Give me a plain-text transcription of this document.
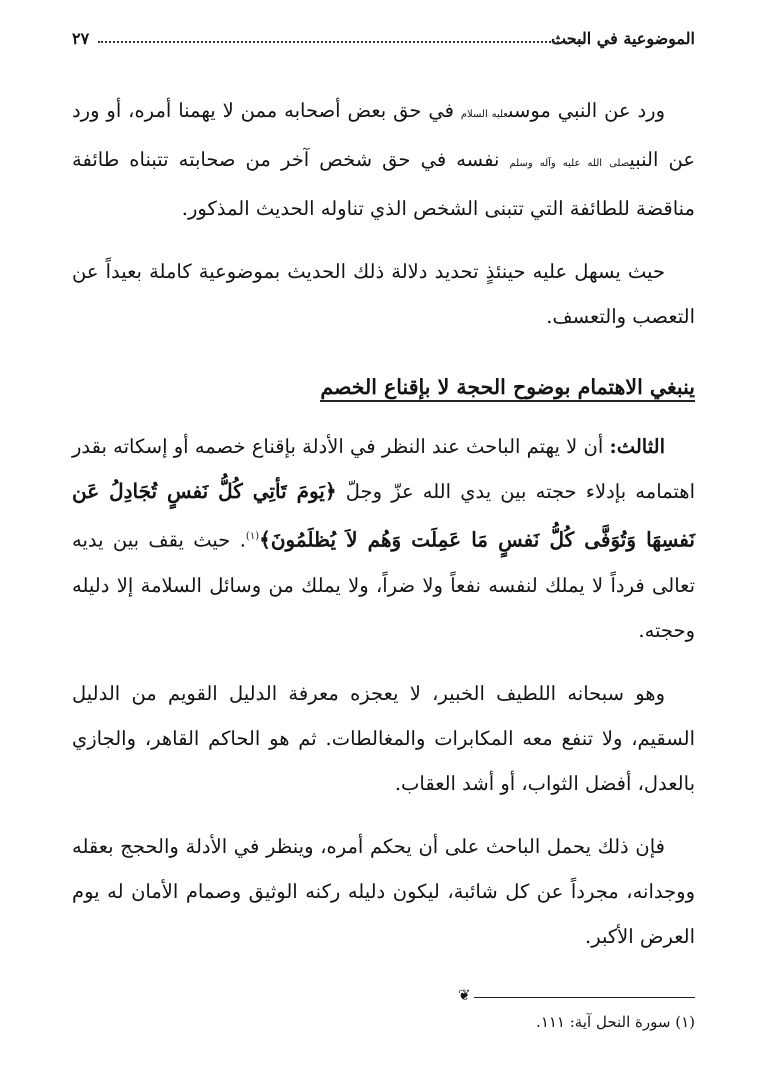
الموضوعية في البحث
٢٧

ورد عن النبي موسىعليه السلام في حق بعض أصحابه ممن لا يهمنا أمره، أو ورد عن النبيصلى الله عليه وآله وسلم نفسه في حق شخص آخر من صحابته تتبناه طائفة مناقضة للطائفة التي تتبنى الشخص الذي تناوله الحديث المذكور.

حيث يسهل عليه حينئذٍ تحديد دلالة ذلك الحديث بموضوعية كاملة بعيداً عن التعصب والتعسف.

ينبغي الاهتمام بوضوح الحجة لا بإقناع الخصم

الثالث: أن لا يهتم الباحث عند النظر في الأدلة بإقناع خصمه أو إسكاته بقدر اهتمامه بإدلاء حجته بين يدي الله عزّ وجلّ ﴿يَومَ تَأتِي كُلُّ نَفسٍ تُجَادِلُ عَن نَفسِهَا وَتُوَفَّى كُلُّ نَفسٍ مَا عَمِلَت وَهُم لاَ يُظلَمُونَ﴾$^{(١)}$. حيث يقف بين يديه تعالى فرداً لا يملك لنفسه نفعاً ولا ضراً، ولا يملك من وسائل السلامة إلا دليله وحجته.

وهو سبحانه اللطيف الخبير، لا يعجزه معرفة الدليل القويم من الدليل السقيم، ولا تنفع معه المكابرات والمغالطات. ثم هو الحاكم القاهر، والجازي بالعدل، أفضل الثواب، أو أشد العقاب.

فإن ذلك يحمل الباحث على أن يحكم أمره، وينظر في الأدلة والحجج بعقله ووجدانه، مجرداً عن كل شائبة، ليكون دليله ركنه الوثيق وصمام الأمان له يوم العرض الأكبر.

❦
(١) سورة النحل آية: ١١١.
